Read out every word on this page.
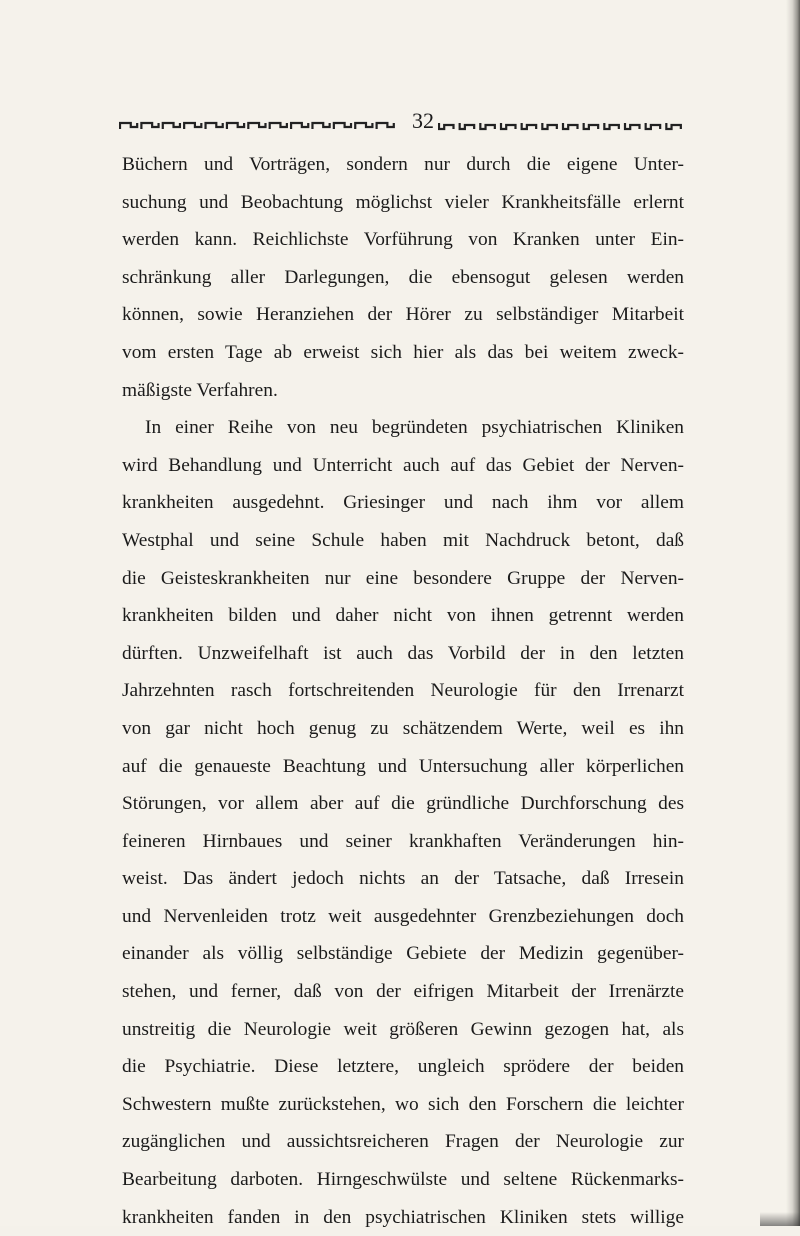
32
Büchern und Vorträgen, sondern nur durch die eigene Unter-
suchung und Beobachtung möglichst vieler Krankheitsfälle erlernt
werden kann. Reichlichste Vorführung von Kranken unter Ein-
schränkung aller Darlegungen, die ebensogut gelesen werden
können, sowie Heranziehen der Hörer zu selbständiger Mitarbeit
vom ersten Tage ab erweist sich hier als das bei weitem zweck-
mäßigste Verfahren.
In einer Reihe von neu begründeten psychiatrischen Kliniken
wird Behandlung und Unterricht auch auf das Gebiet der Nerven-
krankheiten ausgedehnt. Griesinger und nach ihm vor allem
Westphal und seine Schule haben mit Nachdruck betont, daß
die Geisteskrankheiten nur eine besondere Gruppe der Nerven-
krankheiten bilden und daher nicht von ihnen getrennt werden
dürften. Unzweifelhaft ist auch das Vorbild der in den letzten
Jahrzehnten rasch fortschreitenden Neurologie für den Irrenarzt
von gar nicht hoch genug zu schätzendem Werte, weil es ihn
auf die genaueste Beachtung und Untersuchung aller körperlichen
Störungen, vor allem aber auf die gründliche Durchforschung des
feineren Hirnbaues und seiner krankhaften Veränderungen hin-
weist. Das ändert jedoch nichts an der Tatsache, daß Irresein
und Nervenleiden trotz weit ausgedehnter Grenzbeziehungen doch
einander als völlig selbständige Gebiete der Medizin gegenüber-
stehen, und ferner, daß von der eifrigen Mitarbeit der Irrenärzte
unstreitig die Neurologie weit größeren Gewinn gezogen hat, als
die Psychiatrie. Diese letztere, ungleich sprödere der beiden
Schwestern mußte zurückstehen, wo sich den Forschern die leichter
zugänglichen und aussichtsreicheren Fragen der Neurologie zur
Bearbeitung darboten. Hirngeschwülste und seltene Rückenmarks-
krankheiten fanden in den psychiatrischen Kliniken stets willige
